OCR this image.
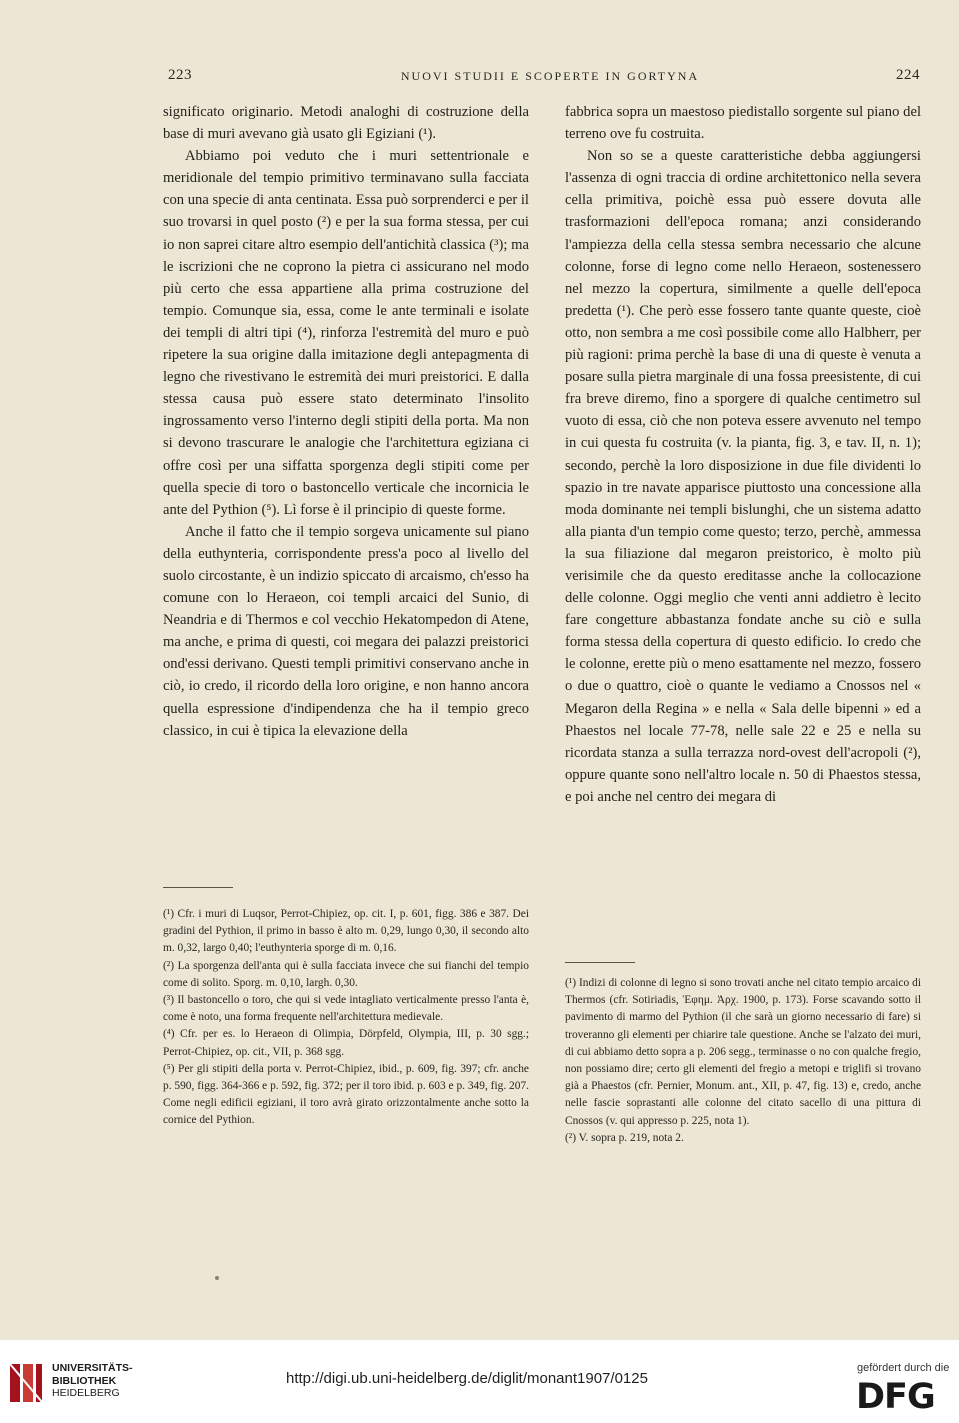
223	NUOVI STUDII E SCOPERTE IN GORTYNA	224

significato originario. Metodi analoghi di costruzione della base di muri avevano già usato gli Egiziani (¹).

Abbiamo poi veduto che i muri settentrionale e meridionale del tempio primitivo terminavano sulla facciata con una specie di anta centinata. Essa può sorprenderci e per il suo trovarsi in quel posto (²) e per la sua forma stessa, per cui io non saprei citare altro esempio dell'antichità classica (³); ma le iscrizioni che ne coprono la pietra ci assicurano nel modo più certo che essa appartiene alla prima costruzione del tempio. Comunque sia, essa, come le ante terminali e isolate dei templi di altri tipi (⁴), rinforza l'estremità del muro e può ripetere la sua origine dalla imitazione degli antepagmenta di legno che rivestivano le estremità dei muri preistorici. E dalla stessa causa può essere stato determinato l'insolito ingrossamento verso l'interno degli stipiti della porta. Ma non si devono trascurare le analogie che l'architettura egiziana ci offre così per una siffatta sporgenza degli stipiti come per quella specie di toro o bastoncello verticale che incornicia le ante del Pythion (⁵). Lì forse è il principio di queste forme.

Anche il fatto che il tempio sorgeva unicamente sul piano della euthynteria, corrispondente press'a poco al livello del suolo circostante, è un indizio spiccato di arcaismo, ch'esso ha comune con lo Heraeon, coi templi arcaici del Sunio, di Neandria e di Thermos e col vecchio Hekatompedon di Atene, ma anche, e prima di questi, coi megara dei palazzi preistorici ond'essi derivano. Questi templi primitivi conservano anche in ciò, io credo, il ricordo della loro origine, e non hanno ancora quella espressione d'indipendenza che ha il tempio greco classico, in cui è tipica la elevazione della

fabbrica sopra un maestoso piedistallo sorgente sul piano del terreno ove fu costruita.

Non so se a queste caratteristiche debba aggiungersi l'assenza di ogni traccia di ordine architettonico nella severa cella primitiva, poichè essa può essere dovuta alle trasformazioni dell'epoca romana; anzi considerando l'ampiezza della cella stessa sembra necessario che alcune colonne, forse di legno come nello Heraeon, sostenessero nel mezzo la copertura, similmente a quelle dell'epoca predetta (¹). Che però esse fossero tante quante queste, cioè otto, non sembra a me così possibile come allo Halbherr, per più ragioni: prima perchè la base di una di queste è venuta a posare sulla pietra marginale di una fossa preesistente, di cui fra breve diremo, fino a sporgere di qualche centimetro sul vuoto di essa, ciò che non poteva essere avvenuto nel tempo in cui questa fu costruita (v. la pianta, fig. 3, e tav. II, n. 1); secondo, perchè la loro disposizione in due file dividenti lo spazio in tre navate apparisce piuttosto una concessione alla moda dominante nei templi bislunghi, che un sistema adatto alla pianta d'un tempio come questo; terzo, perchè, ammessa la sua filiazione dal megaron preistorico, è molto più verisimile che da questo ereditasse anche la collocazione delle colonne. Oggi meglio che venti anni addietro è lecito fare congetture abbastanza fondate anche su ciò e sulla forma stessa della copertura di questo edificio. Io credo che le colonne, erette più o meno esattamente nel mezzo, fossero o due o quattro, cioè o quante le vediamo a Cnossos nel « Megaron della Regina » e nella « Sala delle bipenni » ed a Phaestos nel locale 77-78, nelle sale 22 e 25 e nella su ricordata stanza a sulla terrazza nord-ovest dell'acropoli (²), oppure quante sono nell'altro locale n. 50 di Phaestos stessa, e poi anche nel centro dei megara di

(¹) Cfr. i muri di Luqsor, Perrot-Chipiez, op. cit. I, p. 601, figg. 386 e 387. Dei gradini del Pythion, il primo in basso è alto m. 0,29, lungo 0,30, il secondo alto m. 0,32, largo 0,40; l'euthynteria sporge di m. 0,16.

(²) La sporgenza dell'anta qui è sulla facciata invece che sui fianchi del tempio come di solito. Sporg. m. 0,10, largh. 0,30.

(³) Il bastoncello o toro, che qui si vede intagliato verticalmente presso l'anta è, come è noto, una forma frequente nell'architettura medievale.

(⁴) Cfr. per es. lo Heraeon di Olimpia, Dörpfeld, Olympia, III, p. 30 sgg.; Perrot-Chipiez, op. cit., VII, p. 368 sgg.

(⁵) Per gli stipiti della porta v. Perrot-Chipiez, ibid., p. 609, fig. 397; cfr. anche p. 590, figg. 364-366 e p. 592, fig. 372; per il toro ibid. p. 603 e p. 349, fig. 207. Come negli edificii egiziani, il toro avrà girato orizzontalmente anche sotto la cornice del Pythion.

(¹) Indizi di colonne di legno si sono trovati anche nel citato tempio arcaico di Thermos (cfr. Sotiriadis, Ἐφημ. Ἀρχ. 1900, p. 173). Forse scavando sotto il pavimento di marmo del Pythion (il che sarà un giorno necessario di fare) si troveranno gli elementi per chiarire tale questione. Anche se l'alzato dei muri, di cui abbiamo detto sopra a p. 206 segg., terminasse o no con qualche fregio, non possiamo dire; certo gli elementi del fregio a metopi e triglifi si trovano già a Phaestos (cfr. Pernier, Monum. ant., XII, p. 47, fig. 13) e, credo, anche nelle fascie soprastanti alle colonne del citato sacello di una pittura di Cnossos (v. qui appresso p. 225, nota 1).

(²) V. sopra p. 219, nota 2.

UNIVERSITÄTS-
BIBLIOTHEK
HEIDELBERG
http://digi.ub.uni-heidelberg.de/diglit/monant1907/0125
gefördert durch die
DFG
